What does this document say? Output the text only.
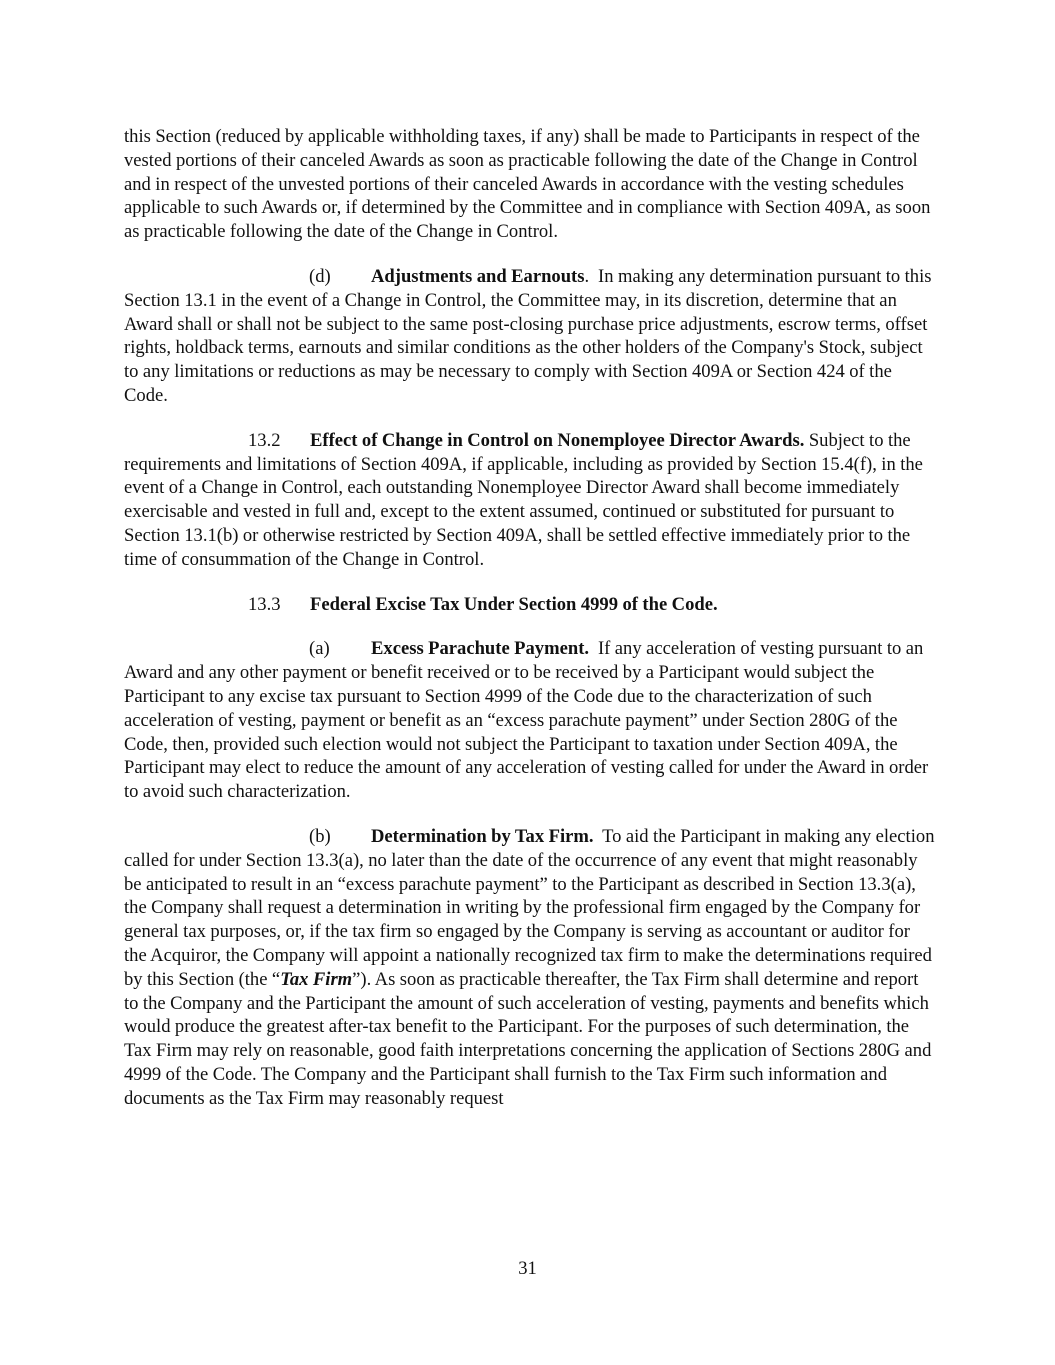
this Section (reduced by applicable withholding taxes, if any) shall be made to Participants in respect of the vested portions of their canceled Awards as soon as practicable following the date of the Change in Control and in respect of the unvested portions of their canceled Awards in accordance with the vesting schedules applicable to such Awards or, if determined by the Committee and in compliance with Section 409A, as soon as practicable following the date of the Change in Control.

(d) Adjustments and Earnouts. In making any determination pursuant to this Section 13.1 in the event of a Change in Control, the Committee may, in its discretion, determine that an Award shall or shall not be subject to the same post-closing purchase price adjustments, escrow terms, offset rights, holdback terms, earnouts and similar conditions as the other holders of the Company's Stock, subject to any limitations or reductions as may be necessary to comply with Section 409A or Section 424 of the Code.

13.2 Effect of Change in Control on Nonemployee Director Awards. Subject to the requirements and limitations of Section 409A, if applicable, including as provided by Section 15.4(f), in the event of a Change in Control, each outstanding Nonemployee Director Award shall become immediately exercisable and vested in full and, except to the extent assumed, continued or substituted for pursuant to Section 13.1(b) or otherwise restricted by Section 409A, shall be settled effective immediately prior to the time of consummation of the Change in Control.

13.3 Federal Excise Tax Under Section 4999 of the Code.

(a) Excess Parachute Payment. If any acceleration of vesting pursuant to an Award and any other payment or benefit received or to be received by a Participant would subject the Participant to any excise tax pursuant to Section 4999 of the Code due to the characterization of such acceleration of vesting, payment or benefit as an “excess parachute payment” under Section 280G of the Code, then, provided such election would not subject the Participant to taxation under Section 409A, the Participant may elect to reduce the amount of any acceleration of vesting called for under the Award in order to avoid such characterization.

(b) Determination by Tax Firm. To aid the Participant in making any election called for under Section 13.3(a), no later than the date of the occurrence of any event that might reasonably be anticipated to result in an “excess parachute payment” to the Participant as described in Section 13.3(a), the Company shall request a determination in writing by the professional firm engaged by the Company for general tax purposes, or, if the tax firm so engaged by the Company is serving as accountant or auditor for the Acquiror, the Company will appoint a nationally recognized tax firm to make the determinations required by this Section (the “Tax Firm”). As soon as practicable thereafter, the Tax Firm shall determine and report to the Company and the Participant the amount of such acceleration of vesting, payments and benefits which would produce the greatest after-tax benefit to the Participant. For the purposes of such determination, the Tax Firm may rely on reasonable, good faith interpretations concerning the application of Sections 280G and 4999 of the Code. The Company and the Participant shall furnish to the Tax Firm such information and documents as the Tax Firm may reasonably request

31
